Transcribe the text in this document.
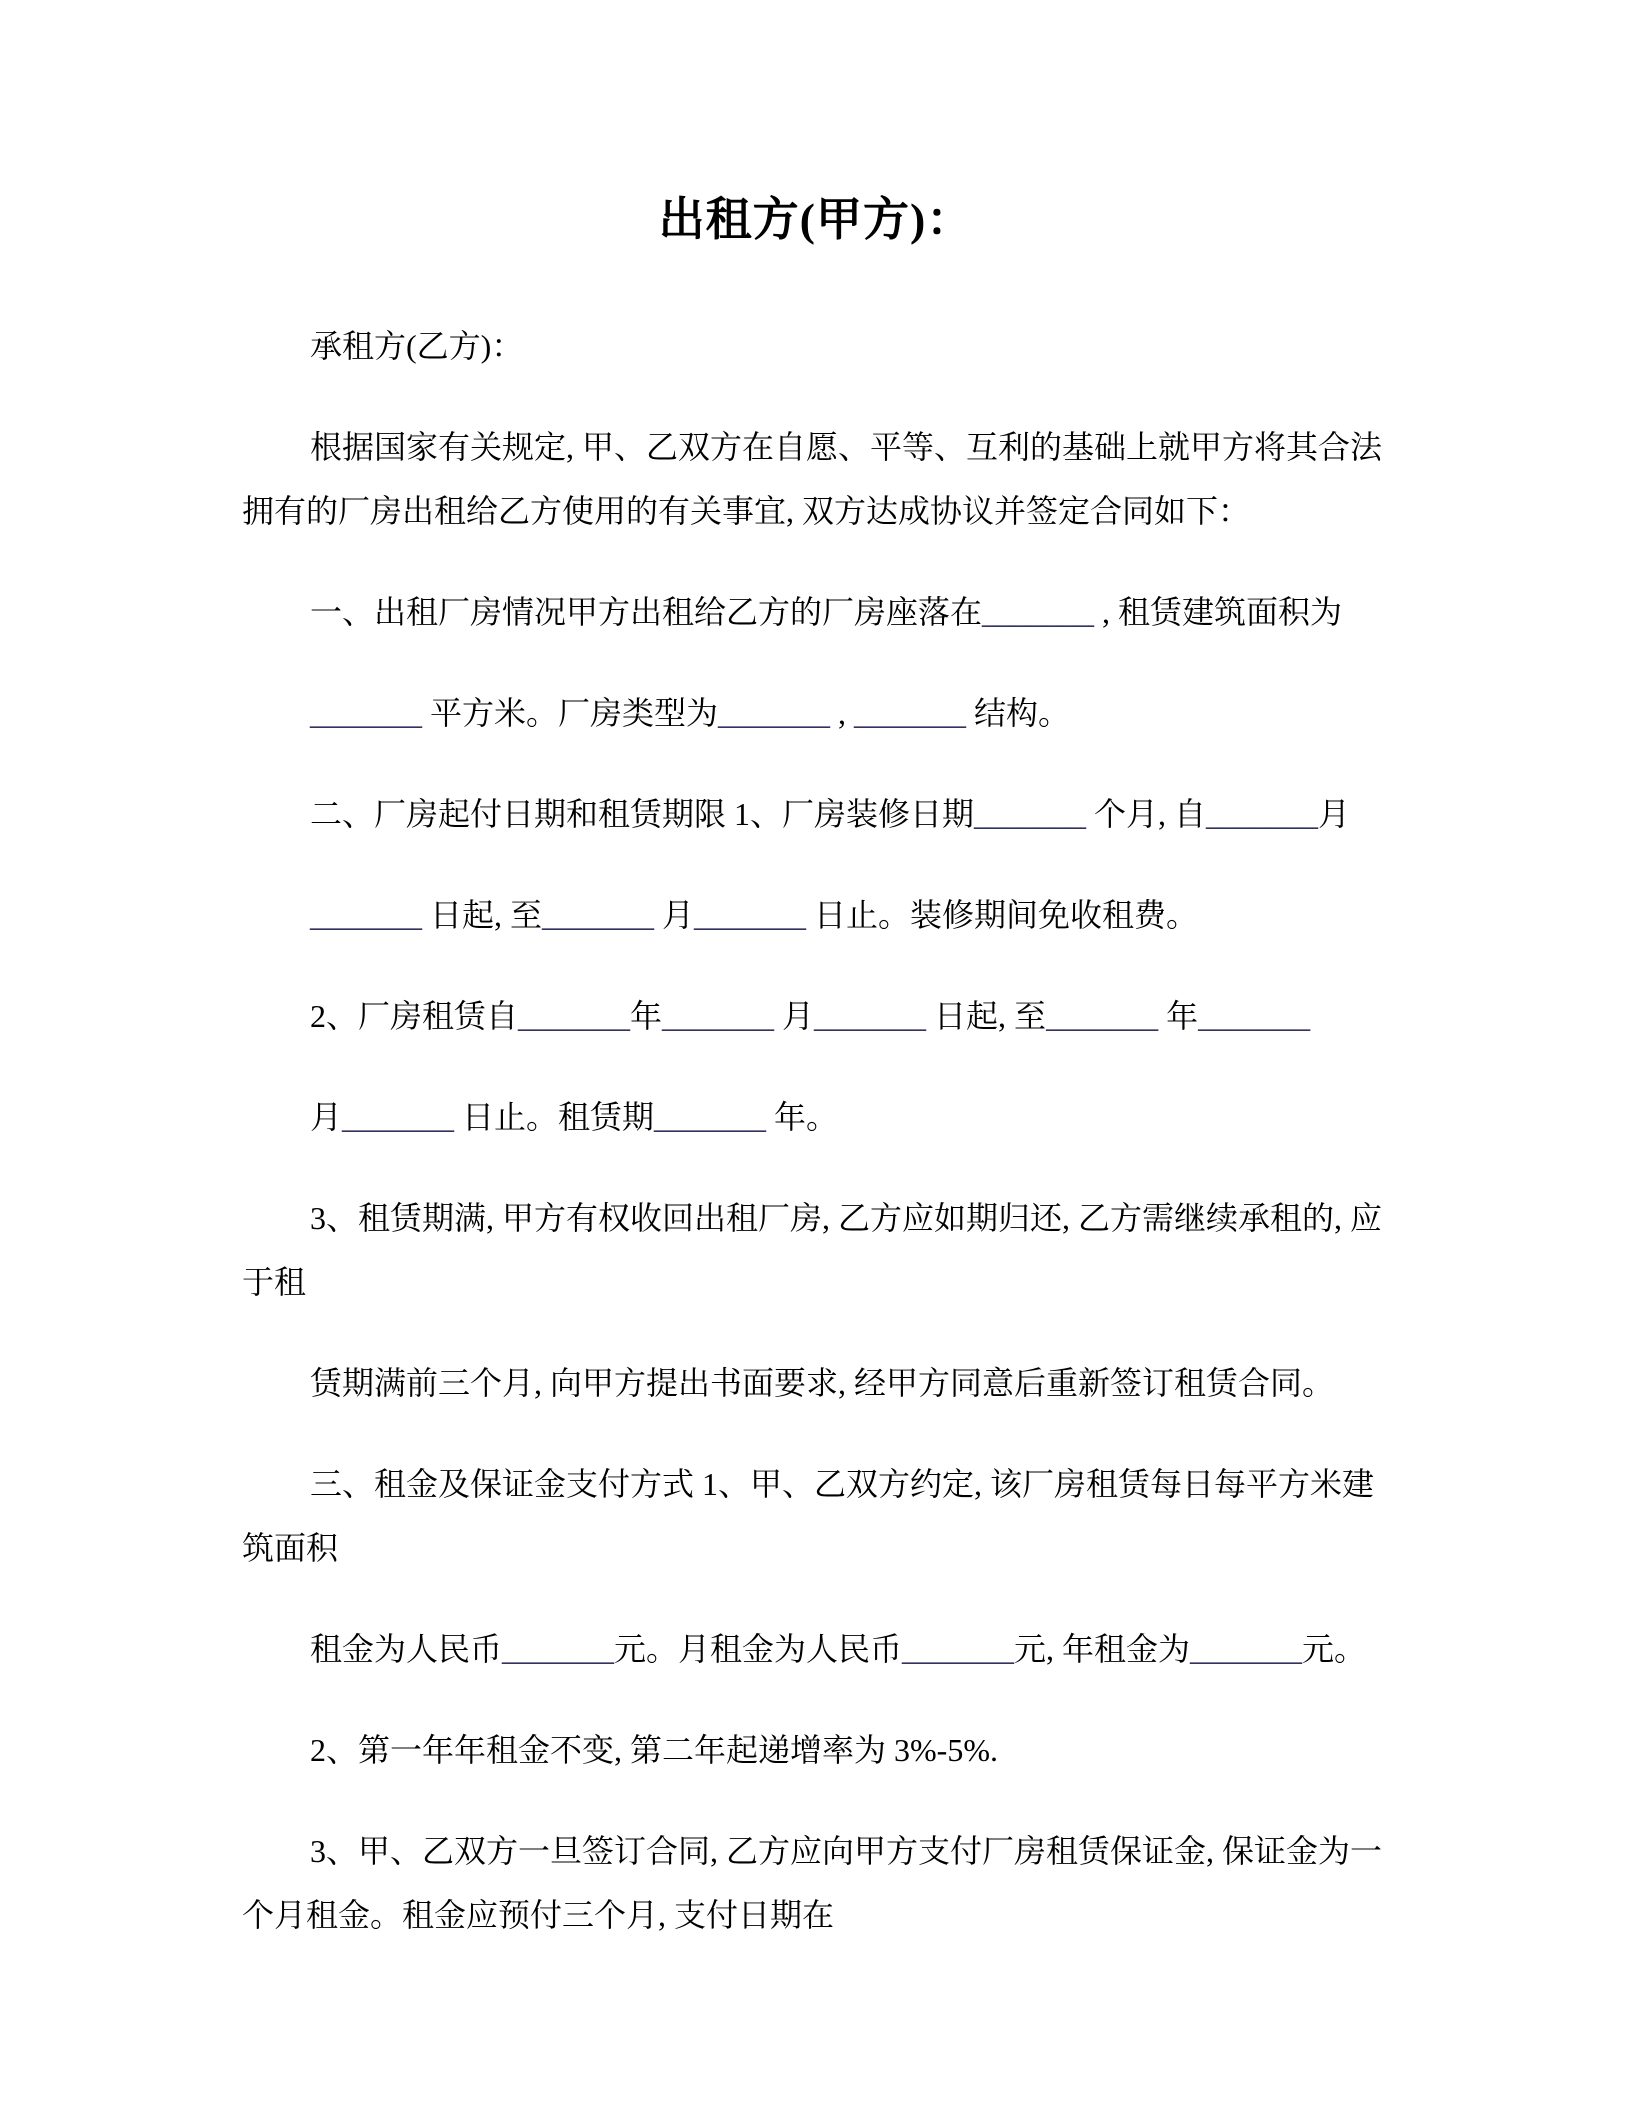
出租方(甲方)：

承租方(乙方)：

根据国家有关规定, 甲、乙双方在自愿、平等、互利的基础上就甲方将其合法

拥有的厂房出租给乙方使用的有关事宜, 双方达成协议并签定合同如下：

一、出租厂房情况甲方出租给乙方的厂房座落在_______ , 租赁建筑面积为

_______ 平方米。厂房类型为_______ , _______ 结构。

二、厂房起付日期和租赁期限 1、厂房装修日期_______ 个月, 自_______月

_______ 日起, 至_______ 月_______ 日止。装修期间免收租费。

2、厂房租赁自_______年_______ 月_______ 日起, 至_______ 年_______

月_______ 日止。租赁期_______ 年。

3、租赁期满, 甲方有权收回出租厂房, 乙方应如期归还, 乙方需继续承租的, 应

于租

赁期满前三个月, 向甲方提出书面要求, 经甲方同意后重新签订租赁合同。

三、租金及保证金支付方式 1、甲、乙双方约定, 该厂房租赁每日每平方米建

筑面积

租金为人民币_______元。月租金为人民币_______元, 年租金为_______元。

2、第一年年租金不变, 第二年起递增率为 3%-5%.

3、甲、乙双方一旦签订合同, 乙方应向甲方支付厂房租赁保证金, 保证金为一

个月租金。租金应预付三个月, 支付日期在
